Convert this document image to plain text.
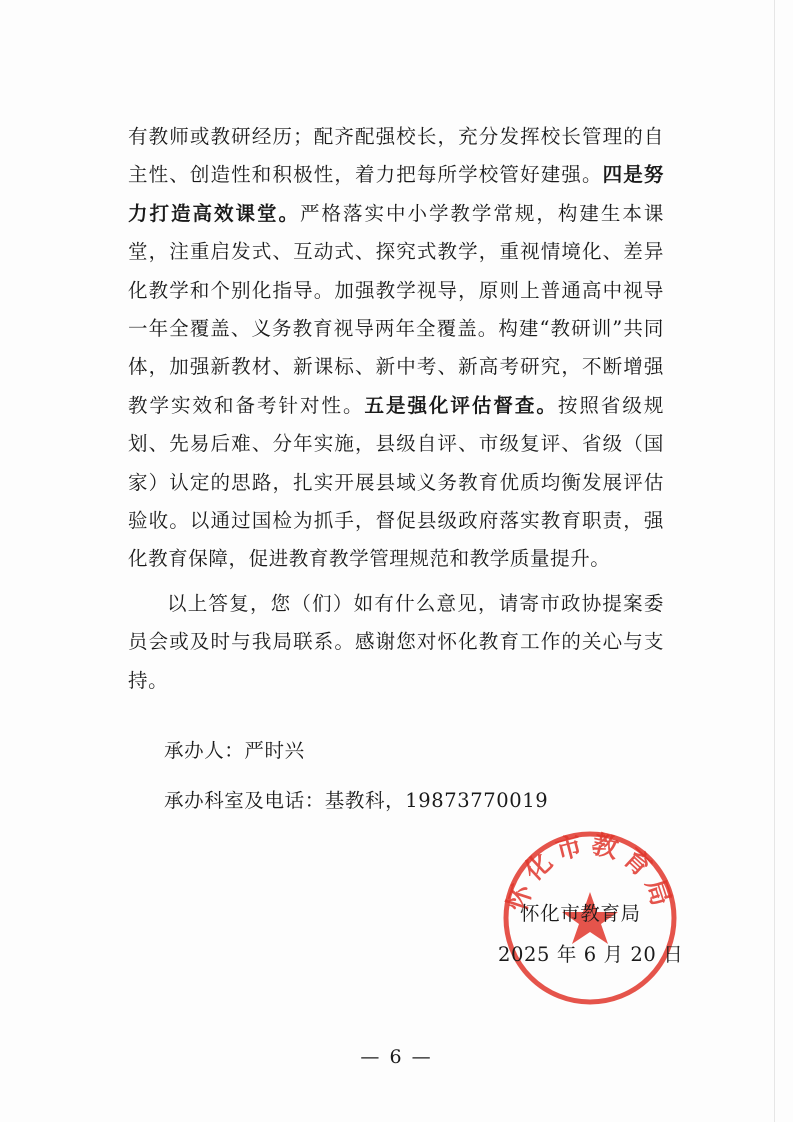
有教师或教研经历；配齐配强校长，充分发挥校长管理的自主性、创造性和积极性，着力把每所学校管好建强。四是努力打造高效课堂。严格落实中小学教学常规，构建生本课堂，注重启发式、互动式、探究式教学，重视情境化、差异化教学和个别化指导。加强教学视导，原则上普通高中视导一年全覆盖、义务教育视导两年全覆盖。构建“教研训”共同体，加强新教材、新课标、新中考、新高考研究，不断增强教学实效和备考针对性。五是强化评估督查。按照省级规划、先易后难、分年实施，县级自评、市级复评、省级（国家）认定的思路，扎实开展县域义务教育优质均衡发展评估验收。以通过国检为抓手，督促县级政府落实教育职责，强化教育保障，促进教育教学管理规范和教学质量提升。

以上答复，您（们）如有什么意见，请寄市政协提案委员会或及时与我局联系。感谢您对怀化教育工作的关心与支持。

承办人：严时兴
承办科室及电话：基教科，19873770019
怀化市教育局
怀化市教育局
2025 年 6 月 20 日
— 6 —
